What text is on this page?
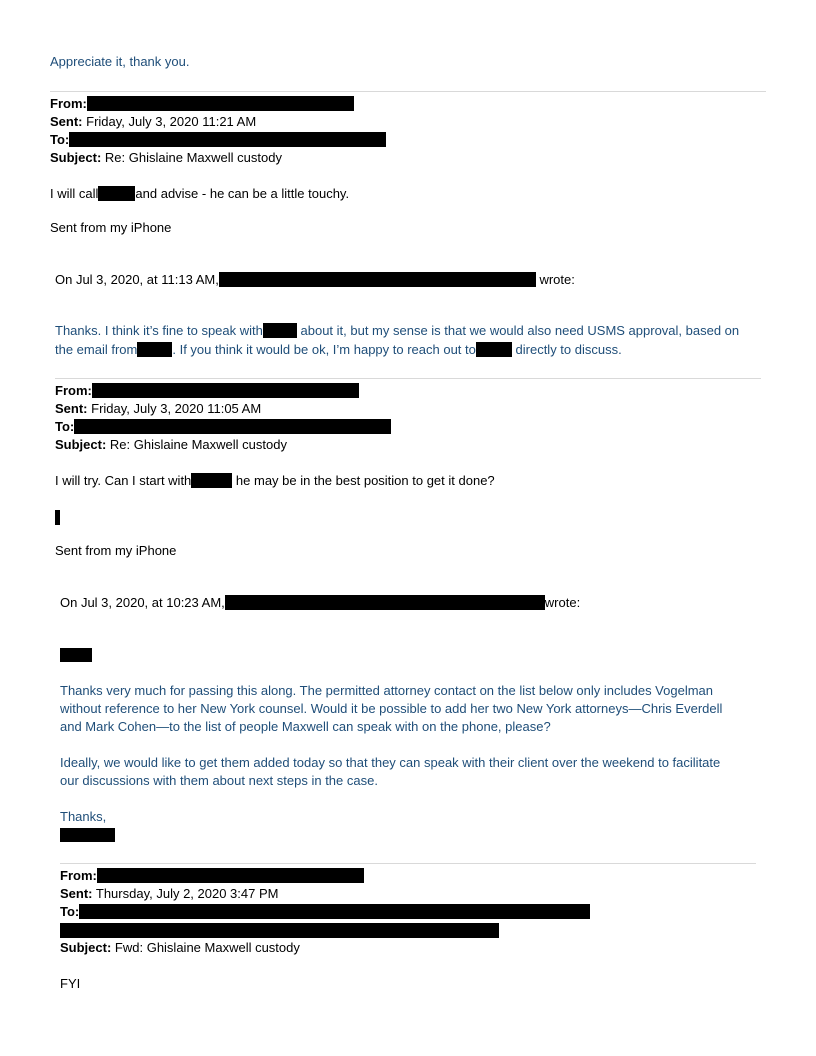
Appreciate it, thank you.
From:
Sent: Friday, July 3, 2020 11:21 AM
To:
Subject: Re: Ghislaine Maxwell custody
I will call	and advise - he can be a little touchy.
Sent from my iPhone
On Jul 3, 2020, at 11:13 AM,	wrote:
Thanks. I think it’s fine to speak with	about it, but my sense is that we would also need USMS approval, based on
the email from	. If you think it would be ok, I’m happy to reach out to	directly to discuss.
From:
Sent: Friday, July 3, 2020 11:05 AM
To:
Subject: Re: Ghislaine Maxwell custody
I will try. Can I start with	he may be in the best position to get it done?
Sent from my iPhone
On Jul 3, 2020, at 10:23 AM,	wrote:
Thanks very much for passing this along. The permitted attorney contact on the list below only includes Vogelman
without reference to her New York counsel. Would it be possible to add her two New York attorneys—Chris Everdell
and Mark Cohen—to the list of people Maxwell can speak with on the phone, please?
Ideally, we would like to get them added today so that they can speak with their client over the weekend to facilitate
our discussions with them about next steps in the case.
Thanks,
From:
Sent: Thursday, July 2, 2020 3:47 PM
To:
Subject: Fwd: Ghislaine Maxwell custody
FYI
